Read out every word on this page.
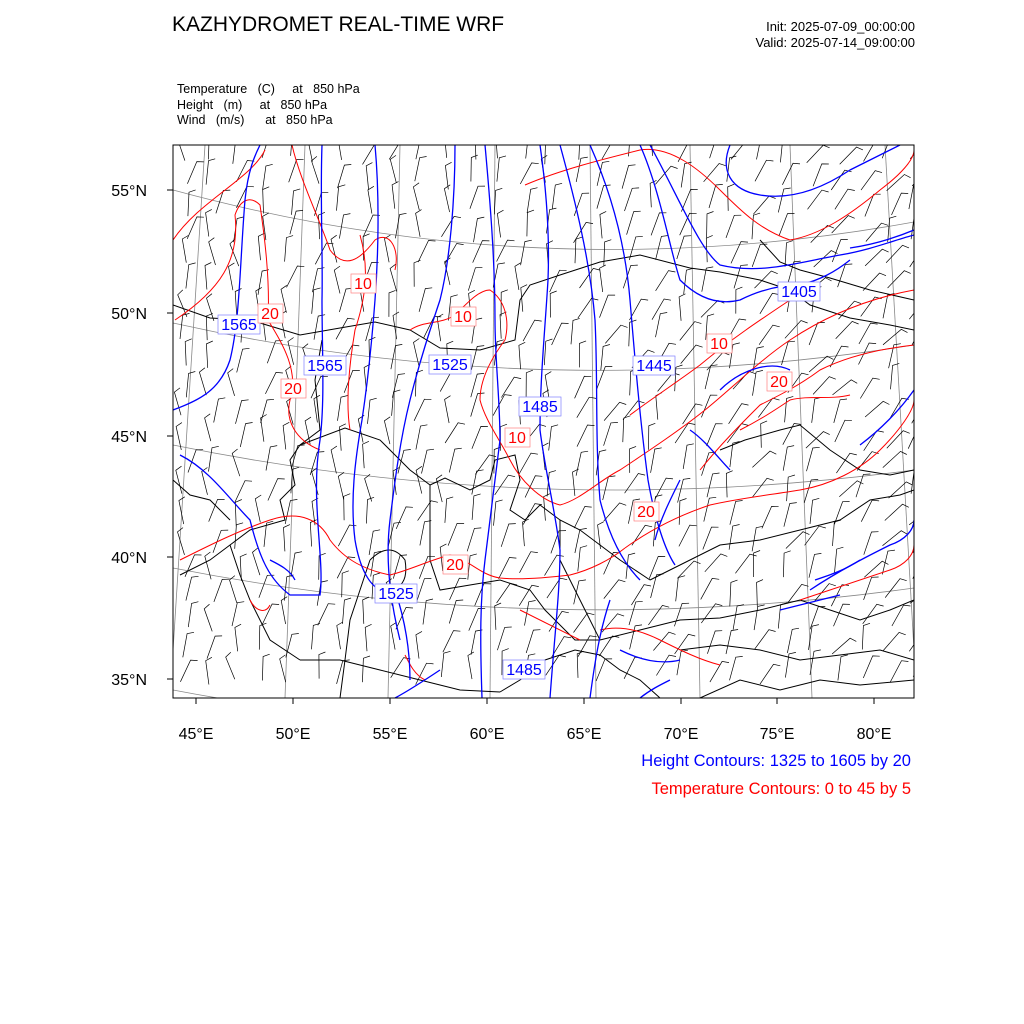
KAZHYDROMET REAL-TIME WRF	Init: 2025-07-09_00:00:00
Valid: 2025-07-14_09:00:00
Temperature   (C)     at   850 hPa
Height   (m)     at   850 hPa
Wind   (m/s)      at   850 hPa
55°N
50°N
45°N
40°N
35°N
45°E	50°E	55°E	60°E	65°E	70°E	75°E	80°E
1565
1565	1525
1485
1445
1405
1525
1485
20
20
10
10
10
10
20
20
20
Height Contours: 1325 to 1605 by 20
Temperature Contours: 0 to 45 by 5
